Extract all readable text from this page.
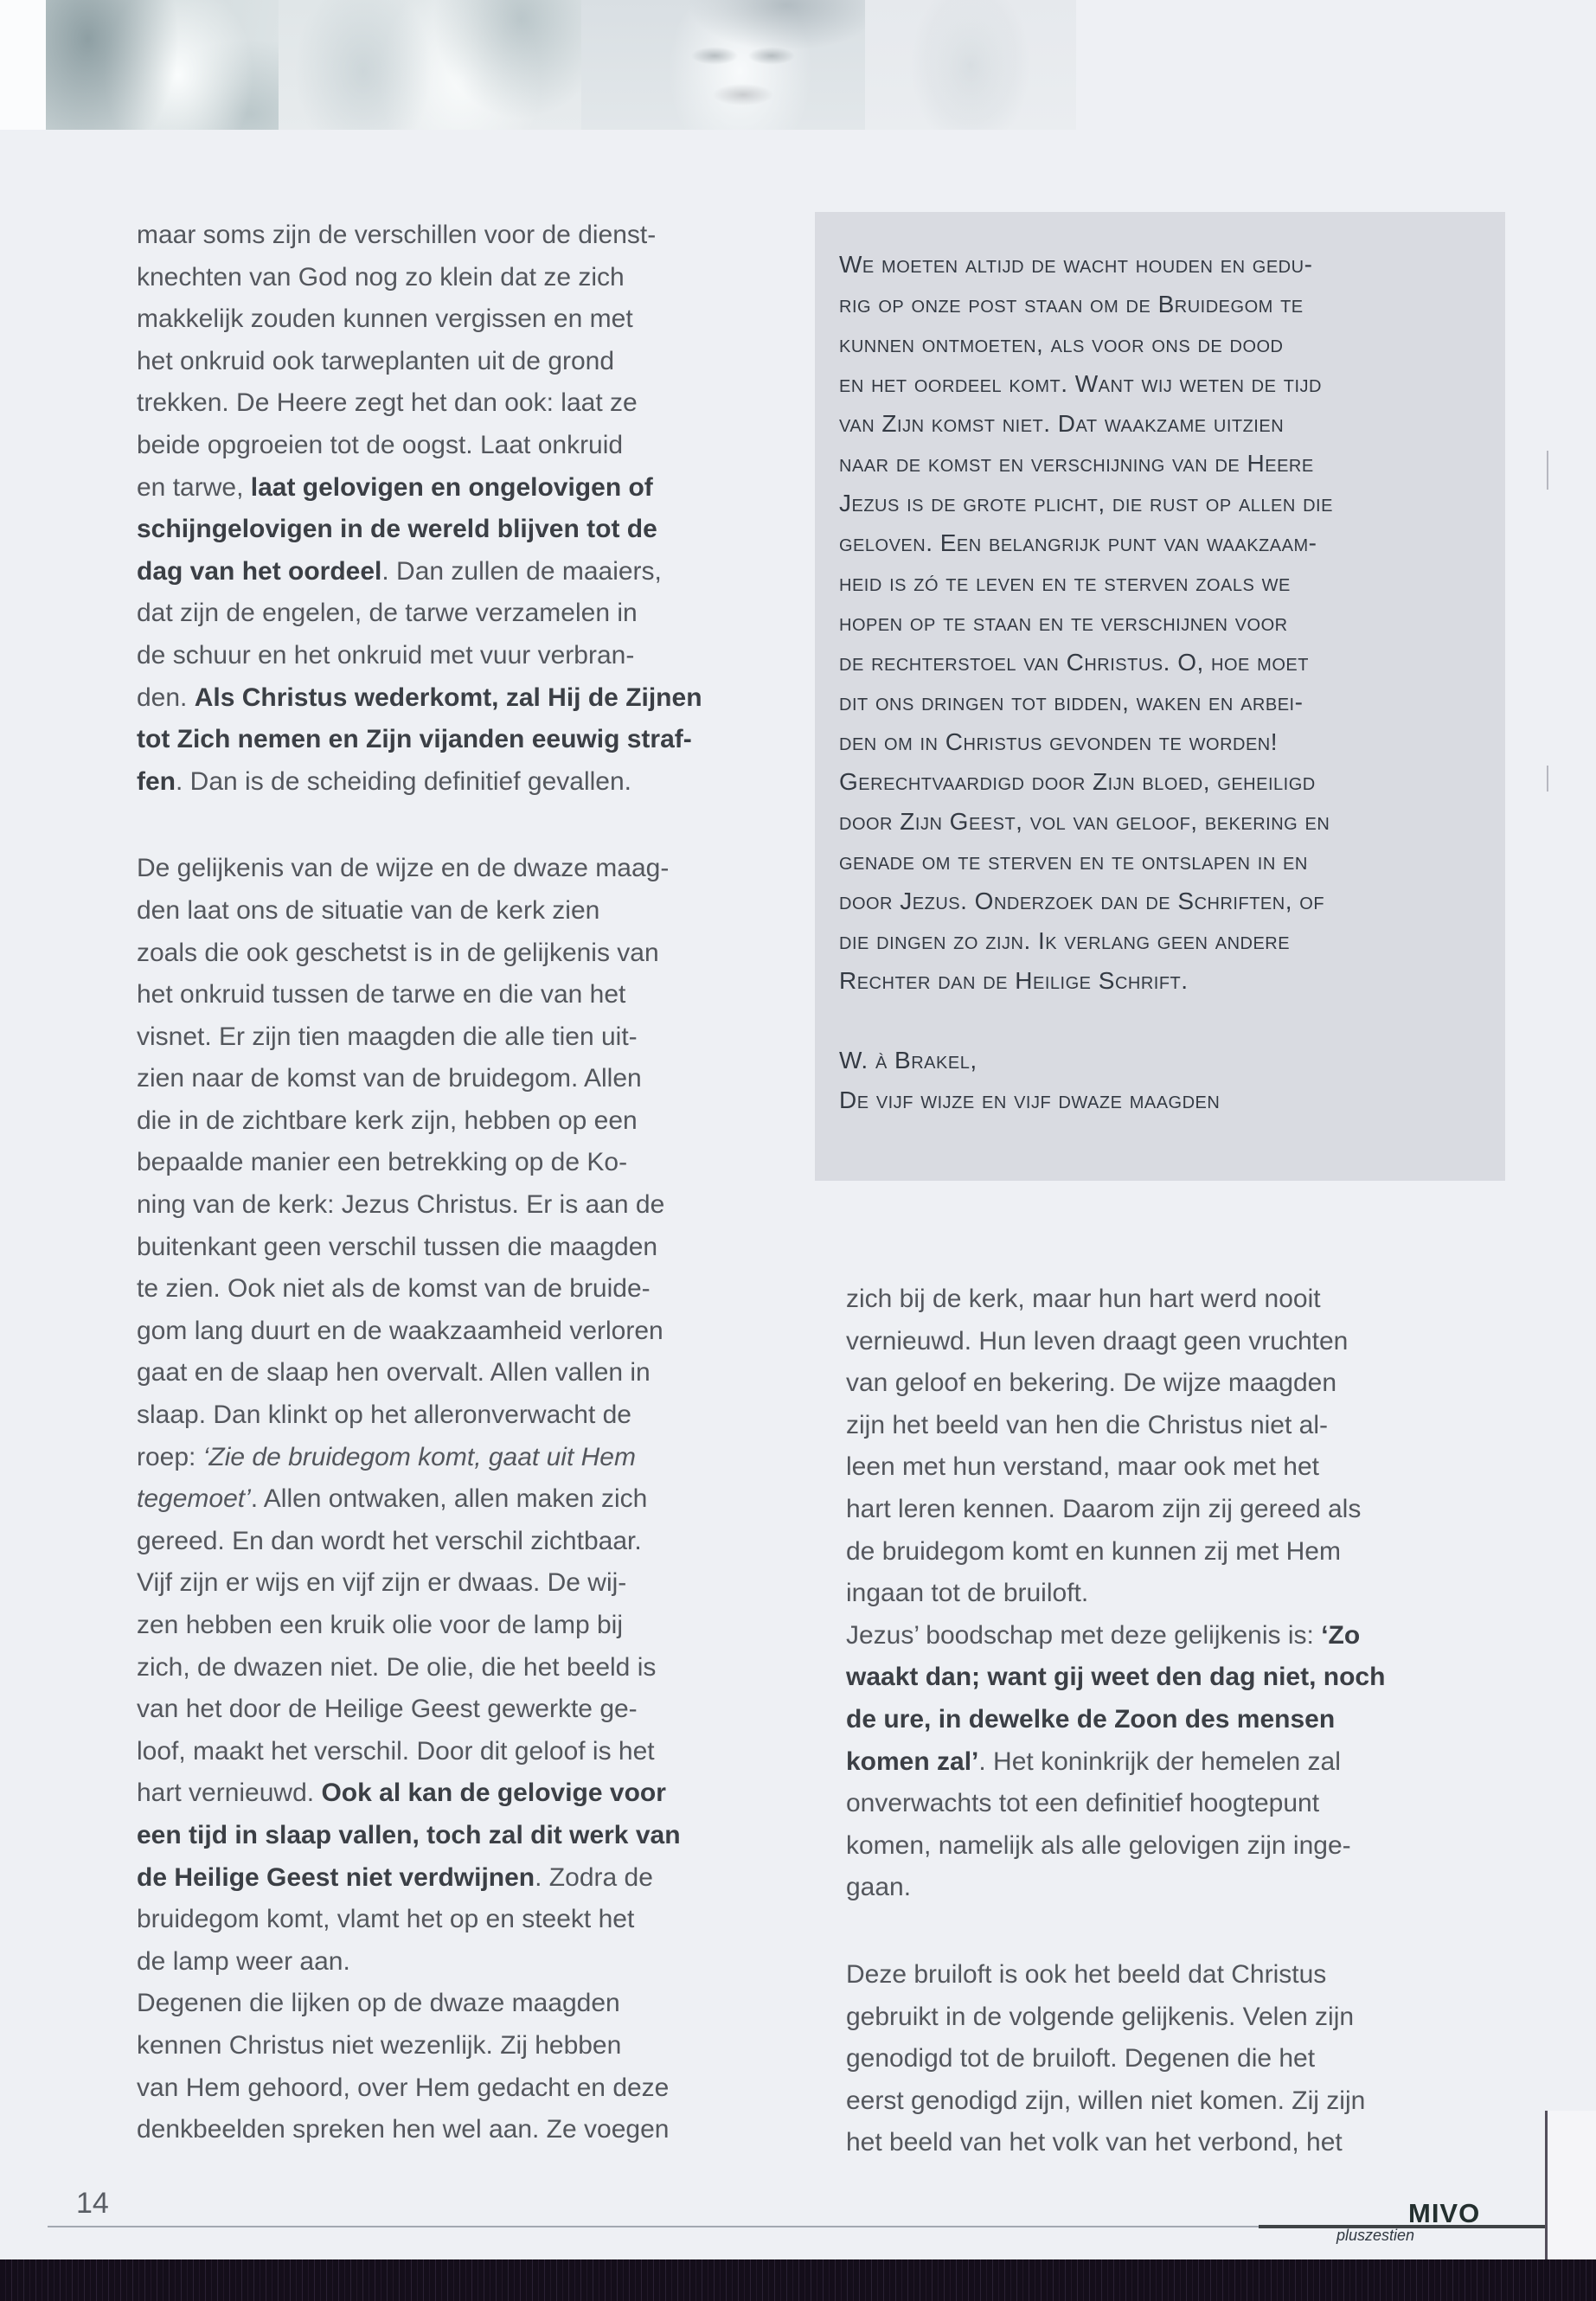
maar soms zijn de verschillen voor de dienst-
knechten van God nog zo klein dat ze zich
makkelijk zouden kunnen vergissen en met
het onkruid ook tarweplanten uit de grond
trekken. De Heere zegt het dan ook: laat ze
beide opgroeien tot de oogst. Laat onkruid
en tarwe, laat gelovigen en ongelovigen of
schijngelovigen in de wereld blijven tot de
dag van het oordeel. Dan zullen de maaiers,
dat zijn de engelen, de tarwe verzamelen in
de schuur en het onkruid met vuur verbran-
den. Als Christus wederkomt, zal Hij de Zijnen
tot Zich nemen en Zijn vijanden eeuwig straf-
fen. Dan is de scheiding definitief gevallen.
De gelijkenis van de wijze en de dwaze maag-
den laat ons de situatie van de kerk zien
zoals die ook geschetst is in de gelijkenis van
het onkruid tussen de tarwe en die van het
visnet. Er zijn tien maagden die alle tien uit-
zien naar de komst van de bruidegom. Allen
die in de zichtbare kerk zijn, hebben op een
bepaalde manier een betrekking op de Ko-
ning van de kerk: Jezus Christus. Er is aan de
buitenkant geen verschil tussen die maagden
te zien. Ook niet als de komst van de bruide-
gom lang duurt en de waakzaamheid verloren
gaat en de slaap hen overvalt. Allen vallen in
slaap. Dan klinkt op het alleronverwacht de
roep: ‘Zie de bruidegom komt, gaat uit Hem
tegemoet’. Allen ontwaken, allen maken zich
gereed. En dan wordt het verschil zichtbaar.
Vijf zijn er wijs en vijf zijn er dwaas. De wij-
zen hebben een kruik olie voor de lamp bij
zich, de dwazen niet. De olie, die het beeld is
van het door de Heilige Geest gewerkte ge-
loof, maakt het verschil. Door dit geloof is het
hart vernieuwd. Ook al kan de gelovige voor
een tijd in slaap vallen, toch zal dit werk van
de Heilige Geest niet verdwijnen. Zodra de
bruidegom komt, vlamt het op en steekt het
de lamp weer aan.
Degenen die lijken op de dwaze maagden
kennen Christus niet wezenlijk. Zij hebben
van Hem gehoord, over Hem gedacht en deze
denkbeelden spreken hen wel aan. Ze voegen
We moeten altijd de wacht houden en gedu-
rig op onze post staan om de Bruidegom te
kunnen ontmoeten, als voor ons de dood
en het oordeel komt. Want wij weten de tijd
van Zijn komst niet. Dat waakzame uitzien
naar de komst en verschijning van de Heere
Jezus is de grote plicht, die rust op allen die
geloven. Een belangrijk punt van waakzaam-
heid is zó te leven en te sterven zoals we
hopen op te staan en te verschijnen voor
de rechterstoel van Christus. O, hoe moet
dit ons dringen tot bidden, waken en arbei-
den om in Christus gevonden te worden!
Gerechtvaardigd door Zijn bloed, geheiligd
door Zijn Geest, vol van geloof, bekering en
genade om te sterven en te ontslapen in en
door Jezus. Onderzoek dan de Schriften, of
die dingen zo zijn. Ik verlang geen andere
Rechter dan de Heilige Schrift.
W. à Brakel,
De vijf wijze en vijf dwaze maagden
zich bij de kerk, maar hun hart werd nooit
vernieuwd. Hun leven draagt geen vruchten
van geloof en bekering. De wijze maagden
zijn het beeld van hen die Christus niet al-
leen met hun verstand, maar ook met het
hart leren kennen. Daarom zijn zij gereed als
de bruidegom komt en kunnen zij met Hem
ingaan tot de bruiloft.
Jezus’ boodschap met deze gelijkenis is: ‘Zo
waakt dan; want gij weet den dag niet, noch
de ure, in dewelke de Zoon des mensen
komen zal’. Het koninkrijk der hemelen zal
onverwachts tot een definitief hoogtepunt
komen, namelijk als alle gelovigen zijn inge-
gaan.
Deze bruiloft is ook het beeld dat Christus
gebruikt in de volgende gelijkenis. Velen zijn
genodigd tot de bruiloft. Degenen die het
eerst genodigd zijn, willen niet komen. Zij zijn
het beeld van het volk van het verbond, het
14	MIVO
pluszestien
